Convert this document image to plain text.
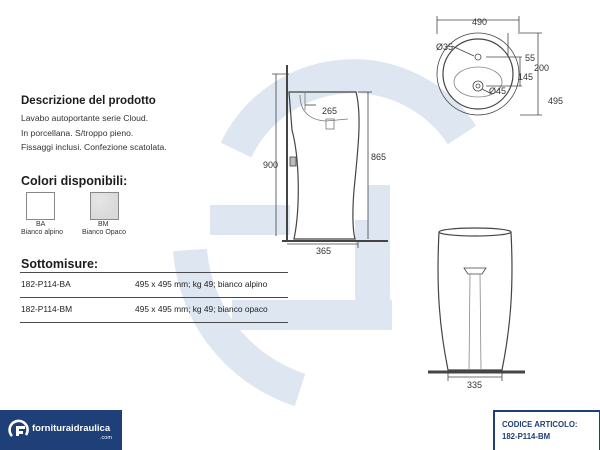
490
Ø35
55
200
145
Ø45
495
265
900
865
365
335
Descrizione del prodotto
Lavabo autoportante serie Cloud.
In porcellana. S/troppo pieno.
Fissaggi inclusi. Confezione scatolata.
Colori disponibili:
BA
Bianco alpino
BM
Bianco Opaco
Sottomisure:
182-P114-BA	495 x 495 mm; kg 49; bianco alpino
182-P114-BM	495 x 495 mm; kg 49; bianco opaco
fornituraidraulica
.com
CODICE ARTICOLO:
182-P114-BM
